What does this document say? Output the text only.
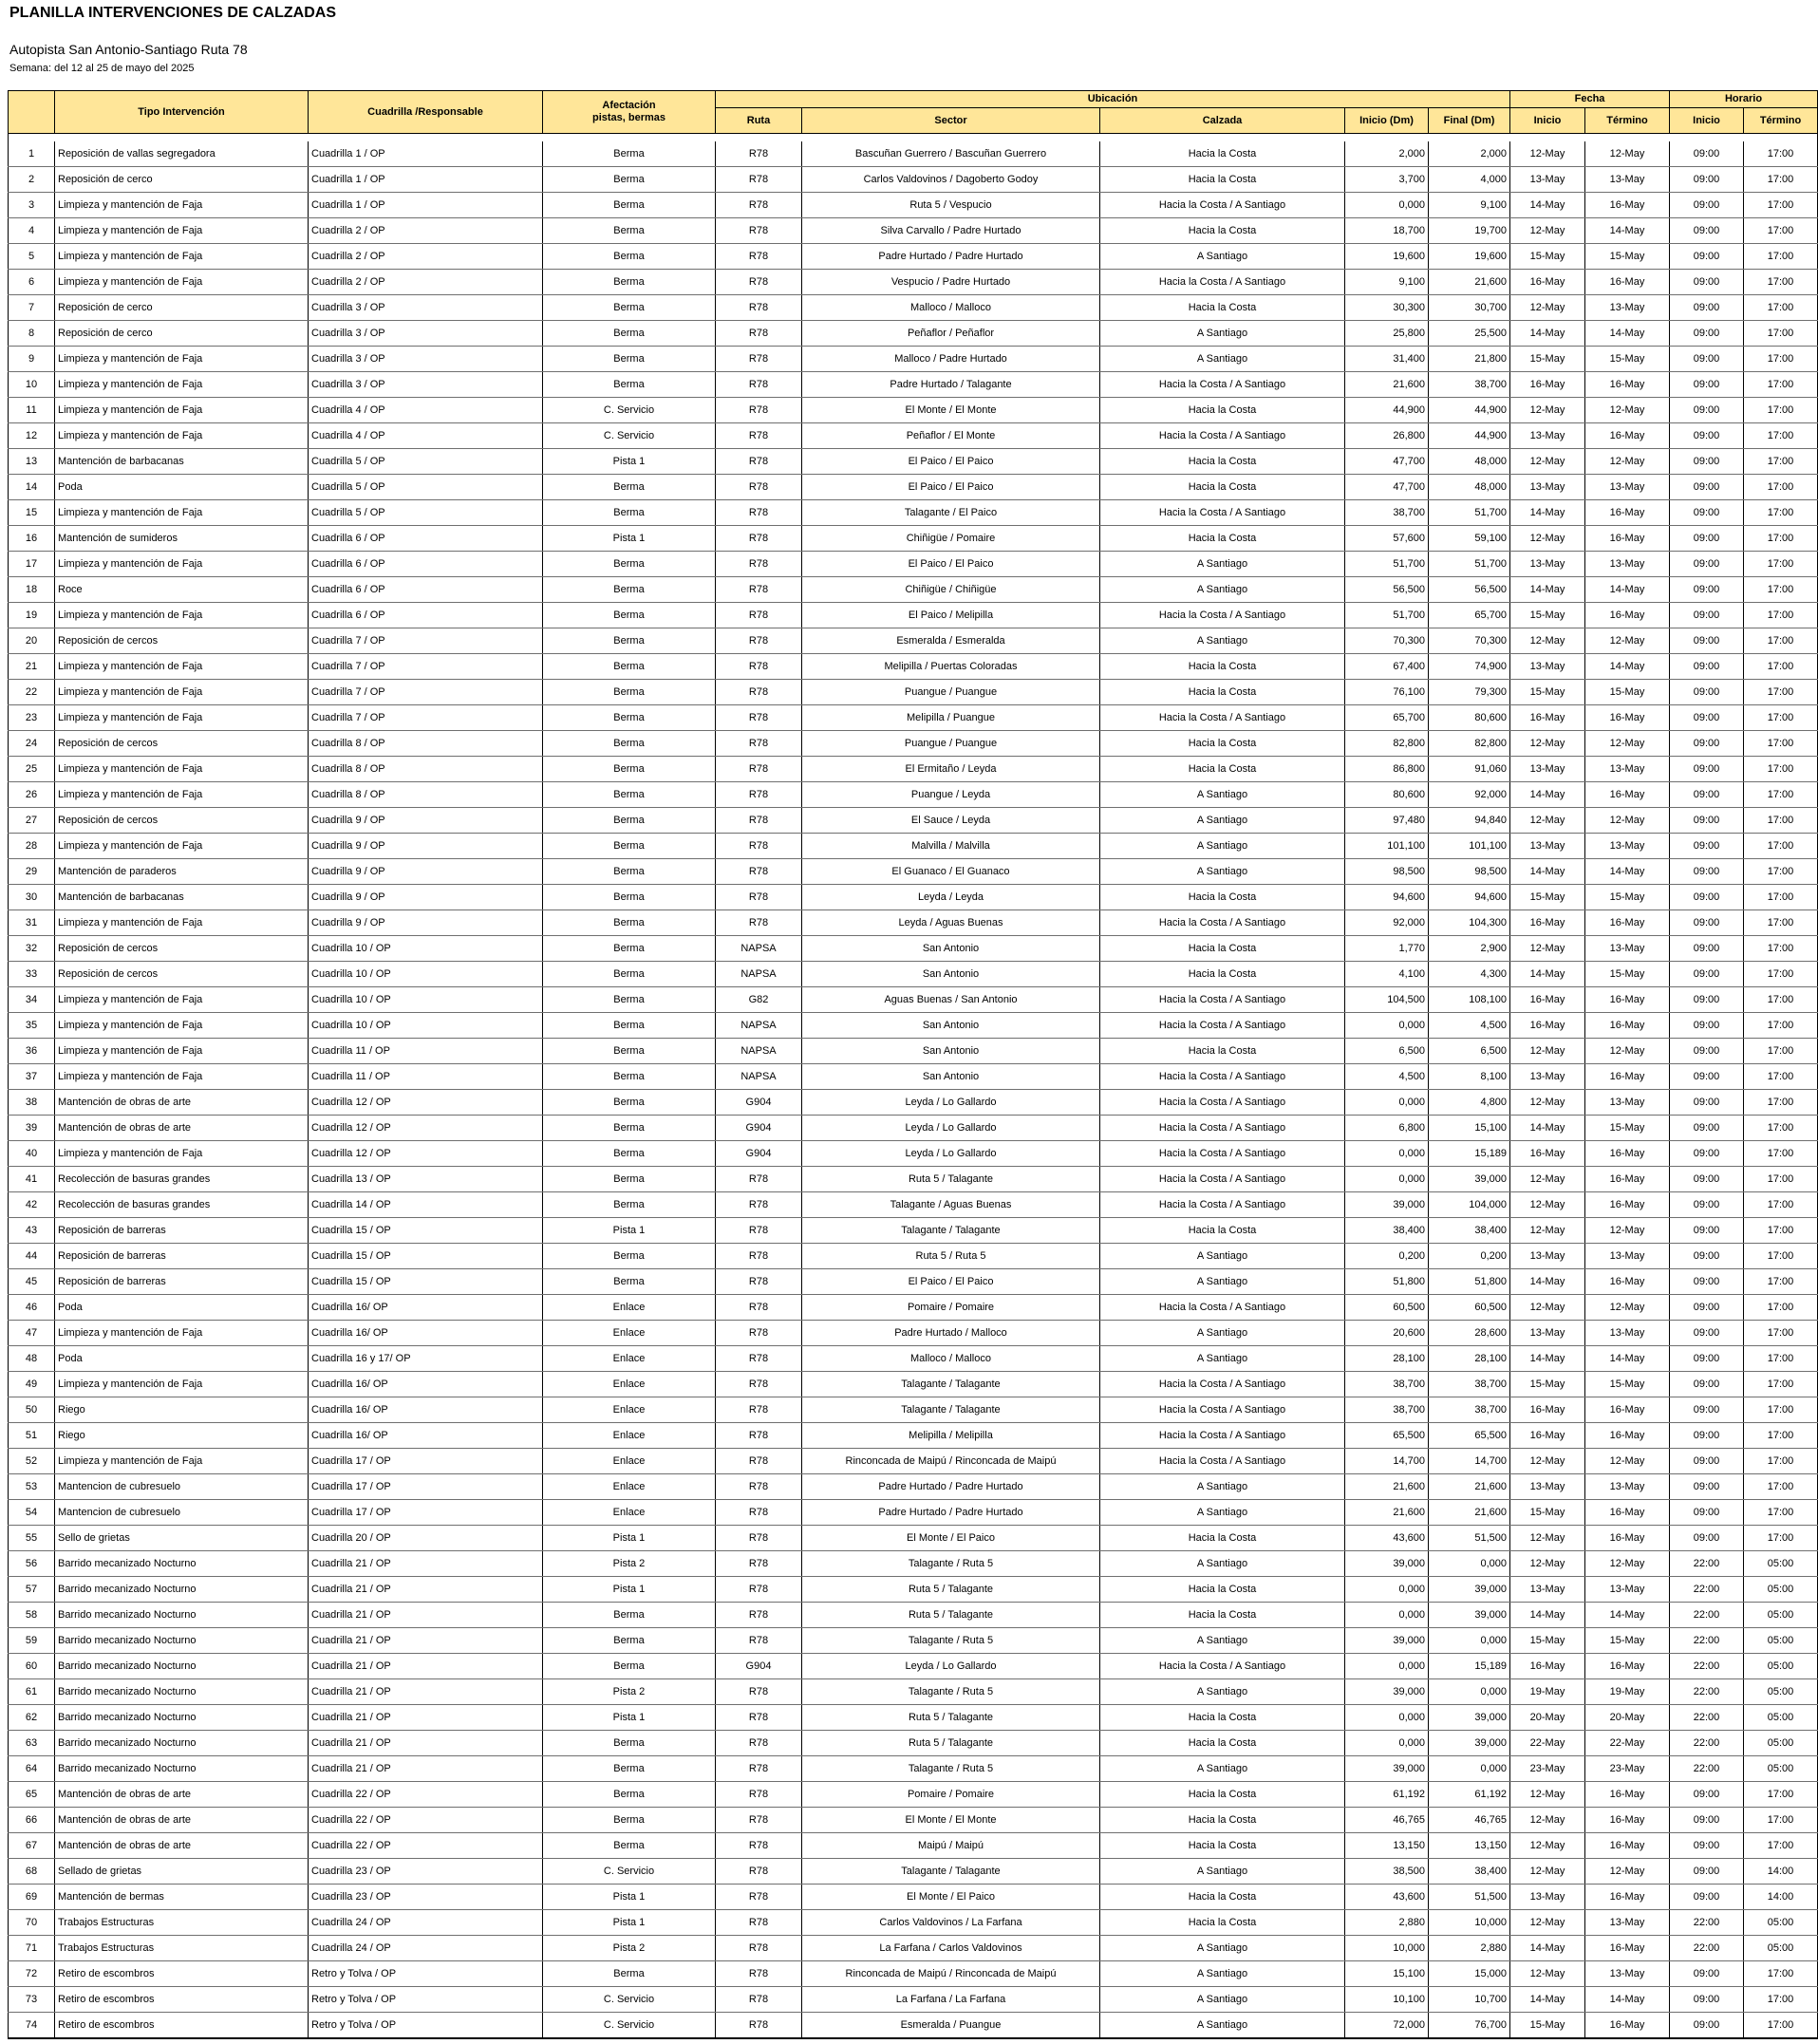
PLANILLA INTERVENCIONES DE CALZADAS
Autopista San Antonio-Santiago Ruta 78
Semana: del 12 al 25 de mayo del 2025
	Tipo Intervención	Cuadrilla /Responsable	Afectación
pistas, bermas	Ubicación					Fecha		Horario	
				Ruta	Sector	Calzada	Inicio (Dm)	Final (Dm)	Inicio	Término	Inicio	Término

1	Reposición de vallas segregadora	Cuadrilla 1 / OP	Berma	R78	Bascuñan Guerrero / Bascuñan Guerrero	Hacia la Costa	2,000	2,000	12-May	12-May	09:00	17:00
2	Reposición de cerco	Cuadrilla 1 / OP	Berma	R78	Carlos Valdovinos / Dagoberto Godoy	Hacia la Costa	3,700	4,000	13-May	13-May	09:00	17:00
3	Limpieza y mantención de Faja	Cuadrilla 1 / OP	Berma	R78	Ruta 5 / Vespucio	Hacia la Costa / A Santiago	0,000	9,100	14-May	16-May	09:00	17:00
4	Limpieza y mantención de Faja	Cuadrilla 2 / OP	Berma	R78	Silva Carvallo / Padre Hurtado	Hacia la Costa	18,700	19,700	12-May	14-May	09:00	17:00
5	Limpieza y mantención de Faja	Cuadrilla 2 / OP	Berma	R78	Padre Hurtado / Padre Hurtado	A Santiago	19,600	19,600	15-May	15-May	09:00	17:00
6	Limpieza y mantención de Faja	Cuadrilla 2 / OP	Berma	R78	Vespucio / Padre Hurtado	Hacia la Costa / A Santiago	9,100	21,600	16-May	16-May	09:00	17:00
7	Reposición de cerco	Cuadrilla 3 / OP	Berma	R78	Malloco / Malloco	Hacia la Costa	30,300	30,700	12-May	13-May	09:00	17:00
8	Reposición de cerco	Cuadrilla 3 / OP	Berma	R78	Peñaflor / Peñaflor	A Santiago	25,800	25,500	14-May	14-May	09:00	17:00
9	Limpieza y mantención de Faja	Cuadrilla 3 / OP	Berma	R78	Malloco / Padre Hurtado	A Santiago	31,400	21,800	15-May	15-May	09:00	17:00
10	Limpieza y mantención de Faja	Cuadrilla 3 / OP	Berma	R78	Padre Hurtado / Talagante	Hacia la Costa / A Santiago	21,600	38,700	16-May	16-May	09:00	17:00
11	Limpieza y mantención de Faja	Cuadrilla 4 / OP	C. Servicio	R78	El Monte / El Monte	Hacia la Costa	44,900	44,900	12-May	12-May	09:00	17:00
12	Limpieza y mantención de Faja	Cuadrilla 4 / OP	C. Servicio	R78	Peñaflor / El Monte	Hacia la Costa / A Santiago	26,800	44,900	13-May	16-May	09:00	17:00
13	Mantención de barbacanas	Cuadrilla 5 / OP	Pista 1	R78	El Paico / El Paico	Hacia la Costa	47,700	48,000	12-May	12-May	09:00	17:00
14	Poda	Cuadrilla 5 / OP	Berma	R78	El Paico / El Paico	Hacia la Costa	47,700	48,000	13-May	13-May	09:00	17:00
15	Limpieza y mantención de Faja	Cuadrilla 5 / OP	Berma	R78	Talagante / El Paico	Hacia la Costa / A Santiago	38,700	51,700	14-May	16-May	09:00	17:00
16	Mantención de sumideros	Cuadrilla 6 / OP	Pista 1	R78	Chiñigüe / Pomaire	Hacia la Costa	57,600	59,100	12-May	16-May	09:00	17:00
17	Limpieza y mantención de Faja	Cuadrilla 6 / OP	Berma	R78	El Paico / El Paico	A Santiago	51,700	51,700	13-May	13-May	09:00	17:00
18	Roce	Cuadrilla 6 / OP	Berma	R78	Chiñigüe / Chiñigüe	A Santiago	56,500	56,500	14-May	14-May	09:00	17:00
19	Limpieza y mantención de Faja	Cuadrilla 6 / OP	Berma	R78	El Paico / Melipilla	Hacia la Costa / A Santiago	51,700	65,700	15-May	16-May	09:00	17:00
20	Reposición de cercos	Cuadrilla 7 / OP	Berma	R78	Esmeralda / Esmeralda	A Santiago	70,300	70,300	12-May	12-May	09:00	17:00
21	Limpieza y mantención de Faja	Cuadrilla 7 / OP	Berma	R78	Melipilla / Puertas Coloradas	Hacia la Costa	67,400	74,900	13-May	14-May	09:00	17:00
22	Limpieza y mantención de Faja	Cuadrilla 7 / OP	Berma	R78	Puangue / Puangue	Hacia la Costa	76,100	79,300	15-May	15-May	09:00	17:00
23	Limpieza y mantención de Faja	Cuadrilla 7 / OP	Berma	R78	Melipilla / Puangue	Hacia la Costa / A Santiago	65,700	80,600	16-May	16-May	09:00	17:00
24	Reposición de cercos	Cuadrilla 8 / OP	Berma	R78	Puangue / Puangue	Hacia la Costa	82,800	82,800	12-May	12-May	09:00	17:00
25	Limpieza y mantención de Faja	Cuadrilla 8 / OP	Berma	R78	El Ermitaño / Leyda	Hacia la Costa	86,800	91,060	13-May	13-May	09:00	17:00
26	Limpieza y mantención de Faja	Cuadrilla 8 / OP	Berma	R78	Puangue / Leyda	A Santiago	80,600	92,000	14-May	16-May	09:00	17:00
27	Reposición de cercos	Cuadrilla 9 / OP	Berma	R78	El Sauce / Leyda	A Santiago	97,480	94,840	12-May	12-May	09:00	17:00
28	Limpieza y mantención de Faja	Cuadrilla 9 / OP	Berma	R78	Malvilla / Malvilla	A Santiago	101,100	101,100	13-May	13-May	09:00	17:00
29	Mantención de paraderos	Cuadrilla 9 / OP	Berma	R78	El Guanaco / El Guanaco	A Santiago	98,500	98,500	14-May	14-May	09:00	17:00
30	Mantención de barbacanas	Cuadrilla 9 / OP	Berma	R78	Leyda / Leyda	Hacia la Costa	94,600	94,600	15-May	15-May	09:00	17:00
31	Limpieza y mantención de Faja	Cuadrilla 9 / OP	Berma	R78	Leyda / Aguas Buenas	Hacia la Costa / A Santiago	92,000	104,300	16-May	16-May	09:00	17:00
32	Reposición de cercos	Cuadrilla 10 / OP	Berma	NAPSA	San Antonio	Hacia la Costa	1,770	2,900	12-May	13-May	09:00	17:00
33	Reposición de cercos	Cuadrilla 10 / OP	Berma	NAPSA	San Antonio	Hacia la Costa	4,100	4,300	14-May	15-May	09:00	17:00
34	Limpieza y mantención de Faja	Cuadrilla 10 / OP	Berma	G82	Aguas Buenas / San Antonio	Hacia la Costa / A Santiago	104,500	108,100	16-May	16-May	09:00	17:00
35	Limpieza y mantención de Faja	Cuadrilla 10 / OP	Berma	NAPSA	San Antonio	Hacia la Costa / A Santiago	0,000	4,500	16-May	16-May	09:00	17:00
36	Limpieza y mantención de Faja	Cuadrilla 11 / OP	Berma	NAPSA	San Antonio	Hacia la Costa	6,500	6,500	12-May	12-May	09:00	17:00
37	Limpieza y mantención de Faja	Cuadrilla 11 / OP	Berma	NAPSA	San Antonio	Hacia la Costa / A Santiago	4,500	8,100	13-May	16-May	09:00	17:00
38	Mantención de obras de arte	Cuadrilla 12 / OP	Berma	G904	Leyda / Lo Gallardo	Hacia la Costa / A Santiago	0,000	4,800	12-May	13-May	09:00	17:00
39	Mantención de obras de arte	Cuadrilla 12 / OP	Berma	G904	Leyda / Lo Gallardo	Hacia la Costa / A Santiago	6,800	15,100	14-May	15-May	09:00	17:00
40	Limpieza y mantención de Faja	Cuadrilla 12 / OP	Berma	G904	Leyda / Lo Gallardo	Hacia la Costa / A Santiago	0,000	15,189	16-May	16-May	09:00	17:00
41	Recolección de basuras grandes	Cuadrilla 13 / OP	Berma	R78	Ruta 5 / Talagante	Hacia la Costa / A Santiago	0,000	39,000	12-May	16-May	09:00	17:00
42	Recolección de basuras grandes	Cuadrilla 14 / OP	Berma	R78	Talagante / Aguas Buenas	Hacia la Costa / A Santiago	39,000	104,000	12-May	16-May	09:00	17:00
43	Reposición de barreras	Cuadrilla 15 / OP	Pista 1	R78	Talagante / Talagante	Hacia la Costa	38,400	38,400	12-May	12-May	09:00	17:00
44	Reposición de barreras	Cuadrilla 15 / OP	Berma	R78	Ruta 5 / Ruta 5	A Santiago	0,200	0,200	13-May	13-May	09:00	17:00
45	Reposición de barreras	Cuadrilla 15 / OP	Berma	R78	El Paico / El Paico	A Santiago	51,800	51,800	14-May	16-May	09:00	17:00
46	Poda	Cuadrilla 16/ OP	Enlace	R78	Pomaire / Pomaire	Hacia la Costa / A Santiago	60,500	60,500	12-May	12-May	09:00	17:00
47	Limpieza y mantención de Faja	Cuadrilla 16/ OP	Enlace	R78	Padre Hurtado / Malloco	A Santiago	20,600	28,600	13-May	13-May	09:00	17:00
48	Poda	Cuadrilla 16 y 17/ OP	Enlace	R78	Malloco / Malloco	A Santiago	28,100	28,100	14-May	14-May	09:00	17:00
49	Limpieza y mantención de Faja	Cuadrilla 16/ OP	Enlace	R78	Talagante / Talagante	Hacia la Costa / A Santiago	38,700	38,700	15-May	15-May	09:00	17:00
50	Riego	Cuadrilla 16/ OP	Enlace	R78	Talagante / Talagante	Hacia la Costa / A Santiago	38,700	38,700	16-May	16-May	09:00	17:00
51	Riego	Cuadrilla 16/ OP	Enlace	R78	Melipilla / Melipilla	Hacia la Costa / A Santiago	65,500	65,500	16-May	16-May	09:00	17:00
52	Limpieza y mantención de Faja	Cuadrilla 17 / OP	Enlace	R78	Rinconcada de Maipú / Rinconcada de Maipú	Hacia la Costa / A Santiago	14,700	14,700	12-May	12-May	09:00	17:00
53	Mantencion de cubresuelo	Cuadrilla 17 / OP	Enlace	R78	Padre Hurtado / Padre Hurtado	A Santiago	21,600	21,600	13-May	13-May	09:00	17:00
54	Mantencion de cubresuelo	Cuadrilla 17 / OP	Enlace	R78	Padre Hurtado / Padre Hurtado	A Santiago	21,600	21,600	15-May	16-May	09:00	17:00
55	Sello de grietas	Cuadrilla 20 / OP	Pista 1	R78	El Monte / El Paico	Hacia la Costa	43,600	51,500	12-May	16-May	09:00	17:00
56	Barrido mecanizado Nocturno	Cuadrilla 21 / OP	Pista 2	R78	Talagante / Ruta 5	A Santiago	39,000	0,000	12-May	12-May	22:00	05:00
57	Barrido mecanizado Nocturno	Cuadrilla 21 / OP	Pista 1	R78	Ruta 5 / Talagante	Hacia la Costa	0,000	39,000	13-May	13-May	22:00	05:00
58	Barrido mecanizado Nocturno	Cuadrilla 21 / OP	Berma	R78	Ruta 5 / Talagante	Hacia la Costa	0,000	39,000	14-May	14-May	22:00	05:00
59	Barrido mecanizado Nocturno	Cuadrilla 21 / OP	Berma	R78	Talagante / Ruta 5	A Santiago	39,000	0,000	15-May	15-May	22:00	05:00
60	Barrido mecanizado Nocturno	Cuadrilla 21 / OP	Berma	G904	Leyda / Lo Gallardo	Hacia la Costa / A Santiago	0,000	15,189	16-May	16-May	22:00	05:00
61	Barrido mecanizado Nocturno	Cuadrilla 21 / OP	Pista 2	R78	Talagante / Ruta 5	A Santiago	39,000	0,000	19-May	19-May	22:00	05:00
62	Barrido mecanizado Nocturno	Cuadrilla 21 / OP	Pista 1	R78	Ruta 5 / Talagante	Hacia la Costa	0,000	39,000	20-May	20-May	22:00	05:00
63	Barrido mecanizado Nocturno	Cuadrilla 21 / OP	Berma	R78	Ruta 5 / Talagante	Hacia la Costa	0,000	39,000	22-May	22-May	22:00	05:00
64	Barrido mecanizado Nocturno	Cuadrilla 21 / OP	Berma	R78	Talagante / Ruta 5	A Santiago	39,000	0,000	23-May	23-May	22:00	05:00
65	Mantención de obras de arte	Cuadrilla 22 / OP	Berma	R78	Pomaire / Pomaire	Hacia la Costa	61,192	61,192	12-May	16-May	09:00	17:00
66	Mantención de obras de arte	Cuadrilla 22 / OP	Berma	R78	El Monte / El Monte	Hacia la Costa	46,765	46,765	12-May	16-May	09:00	17:00
67	Mantención de obras de arte	Cuadrilla 22 / OP	Berma	R78	Maipú / Maipú	Hacia la Costa	13,150	13,150	12-May	16-May	09:00	17:00
68	Sellado de grietas	Cuadrilla 23 / OP	C. Servicio	R78	Talagante / Talagante	A Santiago	38,500	38,400	12-May	12-May	09:00	14:00
69	Mantención de bermas	Cuadrilla 23 / OP	Pista 1	R78	El Monte / El Paico	Hacia la Costa	43,600	51,500	13-May	16-May	09:00	14:00
70	Trabajos Estructuras	Cuadrilla 24 / OP	Pista 1	R78	Carlos Valdovinos / La Farfana	Hacia la Costa	2,880	10,000	12-May	13-May	22:00	05:00
71	Trabajos Estructuras	Cuadrilla 24 / OP	Pista 2	R78	La Farfana / Carlos Valdovinos	A Santiago	10,000	2,880	14-May	16-May	22:00	05:00
72	Retiro de escombros	Retro y Tolva / OP	Berma	R78	Rinconcada de Maipú / Rinconcada de Maipú	A Santiago	15,100	15,000	12-May	13-May	09:00	17:00
73	Retiro de escombros	Retro y Tolva / OP	C. Servicio	R78	La Farfana / La Farfana	A Santiago	10,100	10,700	14-May	14-May	09:00	17:00
74	Retiro de escombros	Retro y Tolva / OP	C. Servicio	R78	Esmeralda / Puangue	A Santiago	72,000	76,700	15-May	16-May	09:00	17:00
